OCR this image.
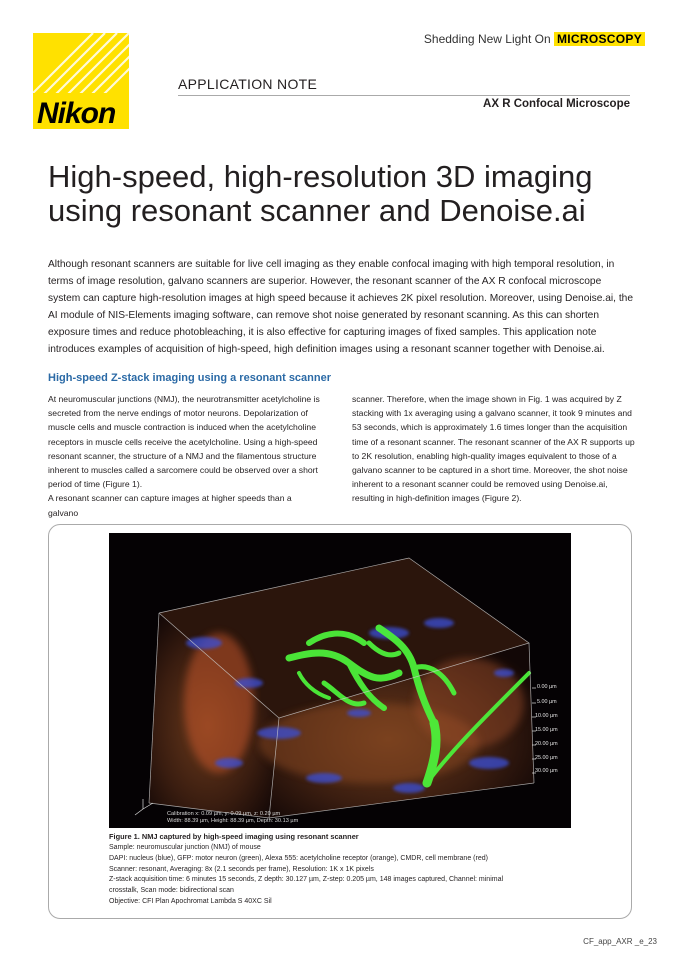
Nikon
Shedding New Light On MICROSCOPY
APPLICATION NOTE
AX R Confocal Microscope
High-speed, high-resolution 3D imaging using resonant scanner and Denoise.ai

Although resonant scanners are suitable for live cell imaging as they enable confocal imaging with high temporal resolution, in terms of image resolution, galvano scanners are superior. However, the resonant scanner of the AX R confocal microscope system can capture high-resolution images at high speed because it achieves 2K pixel resolution. Moreover, using Denoise.ai, the AI module of NIS-Elements imaging software, can remove shot noise generated by resonant scanning. As this can shorten exposure times and reduce photobleaching, it is also effective for capturing images of fixed samples. This application note introduces examples of acquisition of high-speed, high definition images using a resonant scanner together with Denoise.ai.

High-speed Z-stack imaging using a resonant scanner
At neuromuscular junctions (NMJ), the neurotransmitter acetylcholine is secreted from the nerve endings of motor neurons. Depolarization of muscle cells and muscle contraction is induced when the acetylcholine receptors in muscle cells receive the acetylcholine. Using a high-speed resonant scanner, the structure of a NMJ and the filamentous structure inherent to muscles called a sarcomere could be observed over a short period of time (Figure 1).
A resonant scanner can capture images at higher speeds than a galvano
scanner. Therefore, when the image shown in Fig. 1 was acquired by Z stacking with 1x averaging using a galvano scanner, it took 9 minutes and 53 seconds, which is approximately 1.6 times longer than the acquisition time of a resonant scanner. The resonant scanner of the AX R supports up to 2K resolution, enabling high-quality images equivalent to those of a galvano scanner to be captured in a short time. Moreover, the shot noise inherent to a resonant scanner could be removed using Denoise.ai, resulting in high-definition images (Figure 2).
0.00 µm
5.00 µm
10.00 µm
15.00 µm
20.00 µm
25.00 µm
30.00 µm
Calibration x: 0.09 µm, y: 0.09 µm, z: 0.20 µm
Width: 88.39 µm, Height: 88.39 µm, Depth: 30.13 µm
Figure 1. NMJ captured by high-speed imaging using resonant scanner
Sample: neuromuscular junction (NMJ) of mouse
DAPI: nucleus (blue), GFP: motor neuron (green), Alexa 555: acetylcholine receptor (orange), CMDR, cell membrane (red)
Scanner: resonant, Averaging: 8x (2.1 seconds per frame), Resolution: 1K x 1K pixels
Z-stack acquisition time: 6 minutes 15 seconds, Z depth: 30.127 µm, Z-step: 0.205 µm, 148 images captured, Channel: minimal
crosstalk, Scan mode: bidirectional scan
Objective: CFI Plan Apochromat Lambda S 40XC Sil
CF_app_AXR _e_23
